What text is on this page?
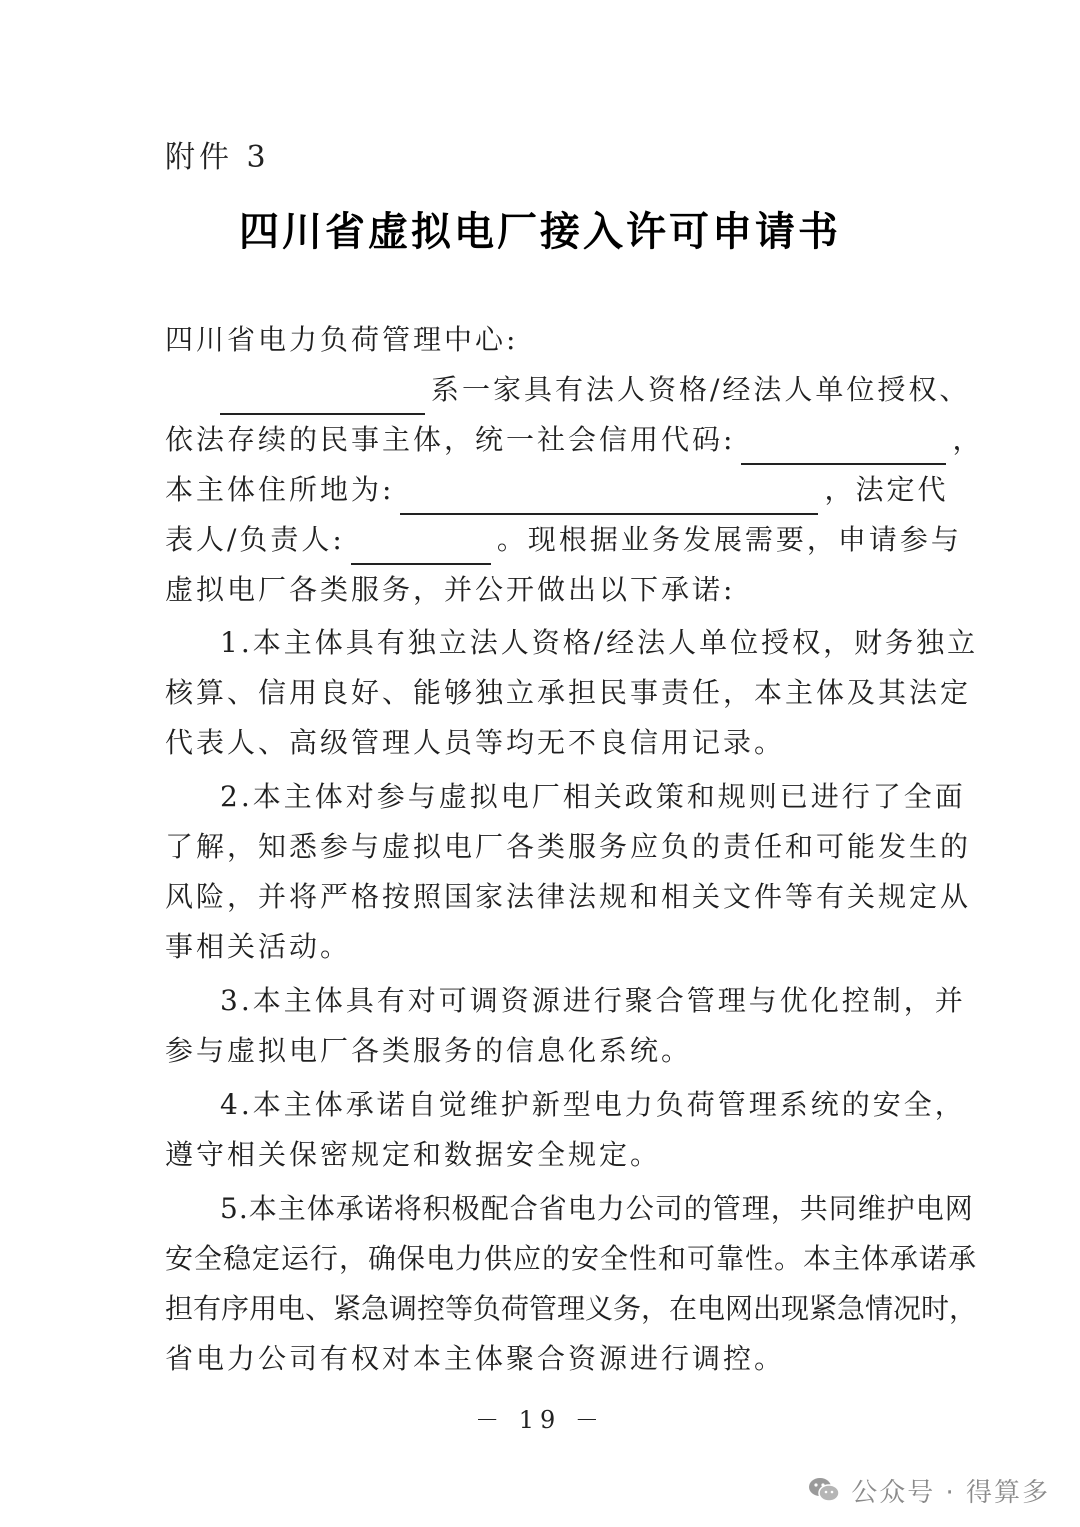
附件 3
四川省虚拟电厂接入许可申请书
四川省电力负荷管理中心:
系一家具有法人资格/经法人单位授权、
依法存续的民事主体，统一社会信用代码:	，
本主体住所地为:	，法定代
表人/负责人:	。现根据业务发展需要，申请参与
虚拟电厂各类服务，并公开做出以下承诺:
1.本主体具有独立法人资格/经法人单位授权，财务独立
核算、信用良好、能够独立承担民事责任，本主体及其法定
代表人、高级管理人员等均无不良信用记录。
2.本主体对参与虚拟电厂相关政策和规则已进行了全面
了解，知悉参与虚拟电厂各类服务应负的责任和可能发生的
风险，并将严格按照国家法律法规和相关文件等有关规定从
事相关活动。
3.本主体具有对可调资源进行聚合管理与优化控制，并
参与虚拟电厂各类服务的信息化系统。
4.本主体承诺自觉维护新型电力负荷管理系统的安全，
遵守相关保密规定和数据安全规定。
5.本主体承诺将积极配合省电力公司的管理，共同维护电网
安全稳定运行，确保电力供应的安全性和可靠性。本主体承诺承
担有序用电、紧急调控等负荷管理义务，在电网出现紧急情况时，
省电力公司有权对本主体聚合资源进行调控。
－ 19 －
公众号 · 得算多
